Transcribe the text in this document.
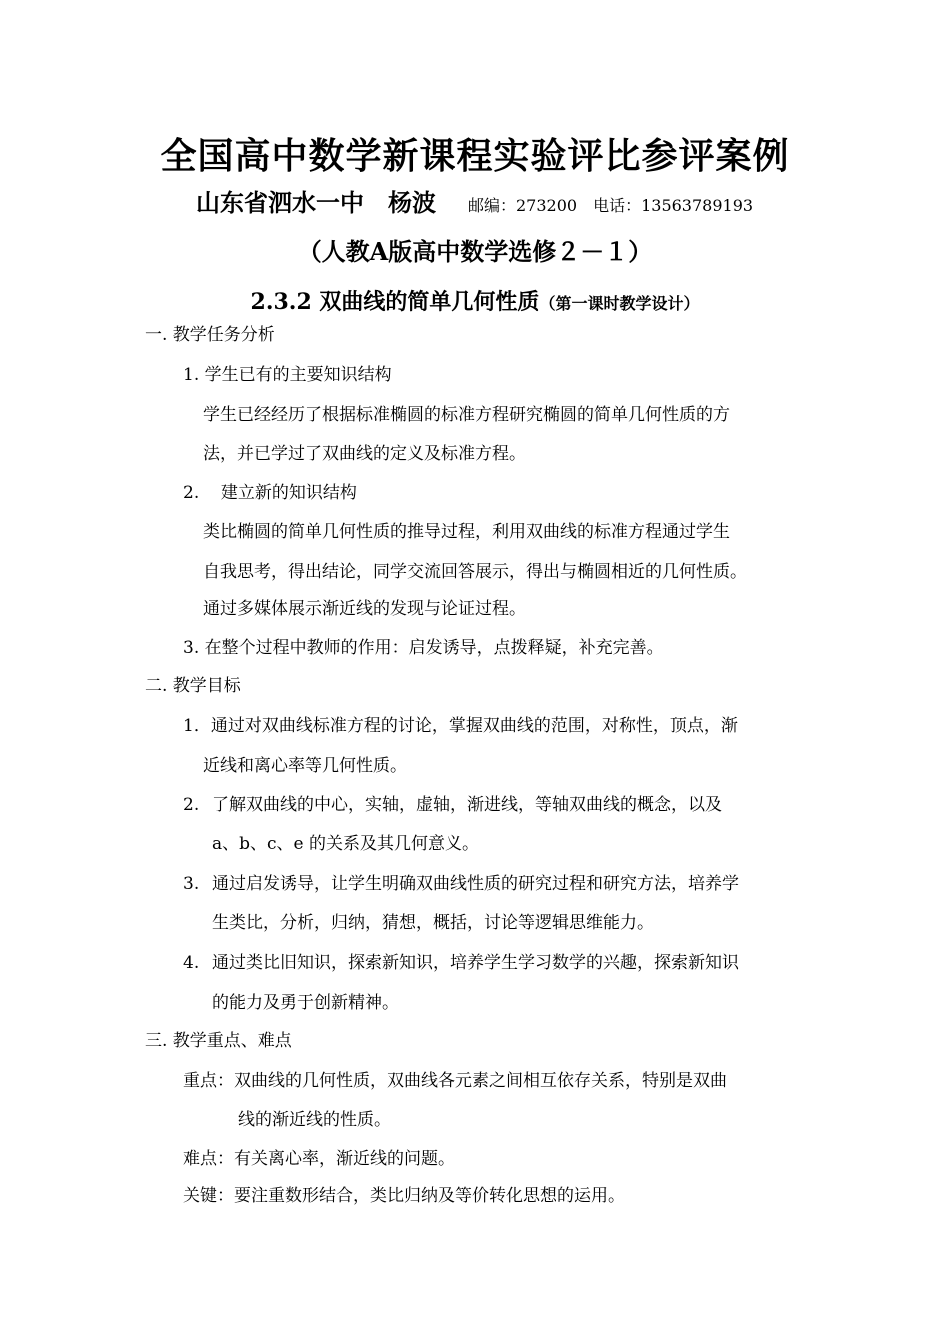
全国高中数学新课程实验评比参评案例
山东省泗水一中　杨波 邮编：273200　电话：13563789193
（人教A版高中数学选修２－１）
2.3.2 双曲线的简单几何性质（第一课时教学设计）
一. 教学任务分析
1. 学生已有的主要知识结构
学生已经经历了根据标准椭圆的标准方程研究椭圆的简单几何性质的方
法，并已学过了双曲线的定义及标准方程。
2.    建立新的知识结构
类比椭圆的简单几何性质的推导过程，利用双曲线的标准方程通过学生
自我思考，得出结论，同学交流回答展示，得出与椭圆相近的几何性质。
通过多媒体展示渐近线的发现与论证过程。
3. 在整个过程中教师的作用：启发诱导，点拨释疑，补充完善。
二. 教学目标
1．通过对双曲线标准方程的讨论，掌握双曲线的范围，对称性，顶点，渐
近线和离心率等几何性质。
2. 了解双曲线的中心，实轴，虚轴，渐进线，等轴双曲线的概念，以及
a、b、c、e 的关系及其几何意义。
3. 通过启发诱导，让学生明确双曲线性质的研究过程和研究方法，培养学
生类比，分析，归纳，猜想，概括，讨论等逻辑思维能力。
4. 通过类比旧知识，探索新知识，培养学生学习数学的兴趣，探索新知识
的能力及勇于创新精神。
三. 教学重点、难点
重点：双曲线的几何性质，双曲线各元素之间相互依存关系，特别是双曲
线的渐近线的性质。
难点：有关离心率，渐近线的问题。
关键：要注重数形结合，类比归纳及等价转化思想的运用。
